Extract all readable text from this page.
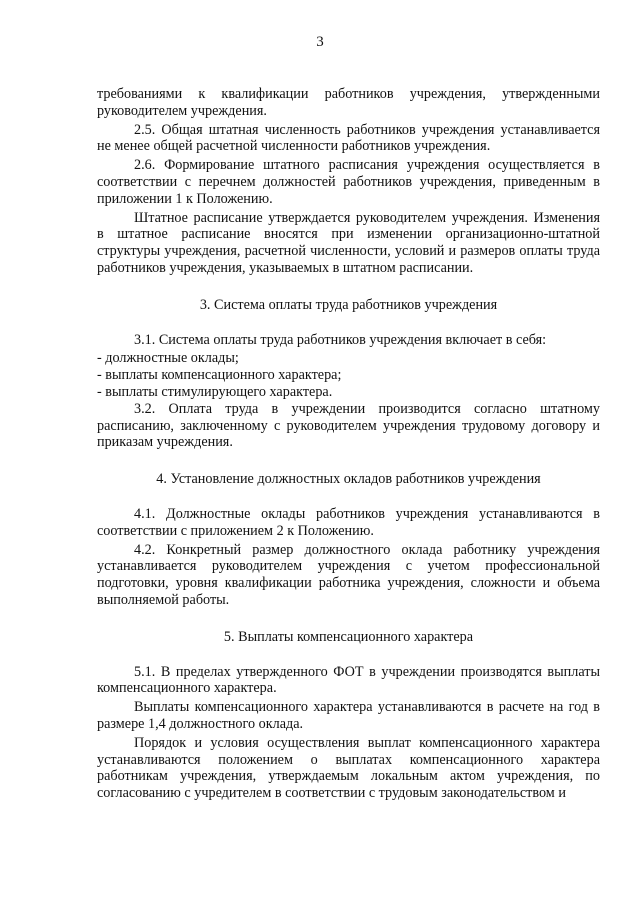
3
требованиями к квалификации работников учреждения, утвержденными руководителем учреждения.
2.5. Общая штатная численность работников учреждения устанавливается не менее общей расчетной численности работников учреждения.
2.6. Формирование штатного расписания учреждения осуществляется в соответствии с перечнем должностей работников учреждения, приведенным в приложении 1 к Положению.
Штатное расписание утверждается руководителем учреждения. Изменения в штатное расписание вносятся при изменении организационно-штатной структуры учреждения, расчетной численности, условий и размеров оплаты труда работников учреждения, указываемых в штатном расписании.
3. Система оплаты труда работников учреждения
3.1. Система оплаты труда работников учреждения включает в себя:
- должностные оклады;
- выплаты компенсационного характера;
- выплаты стимулирующего характера.
3.2. Оплата труда в учреждении производится согласно штатному расписанию, заключенному с руководителем учреждения трудовому договору и приказам учреждения.
4. Установление должностных окладов работников учреждения
4.1. Должностные оклады работников учреждения устанавливаются в соответствии с приложением 2 к Положению.
4.2. Конкретный размер должностного оклада работнику учреждения устанавливается руководителем учреждения с учетом профессиональной подготовки, уровня квалификации работника учреждения, сложности и объема выполняемой работы.
5. Выплаты компенсационного характера
5.1. В пределах утвержденного ФОТ в учреждении производятся выплаты компенсационного характера.
Выплаты компенсационного характера устанавливаются в расчете на год в размере 1,4 должностного оклада.
Порядок и условия осуществления выплат компенсационного характера устанавливаются положением о выплатах компенсационного характера работникам учреждения, утверждаемым локальным актом учреждения, по согласованию с учредителем в соответствии с трудовым законодательством и
